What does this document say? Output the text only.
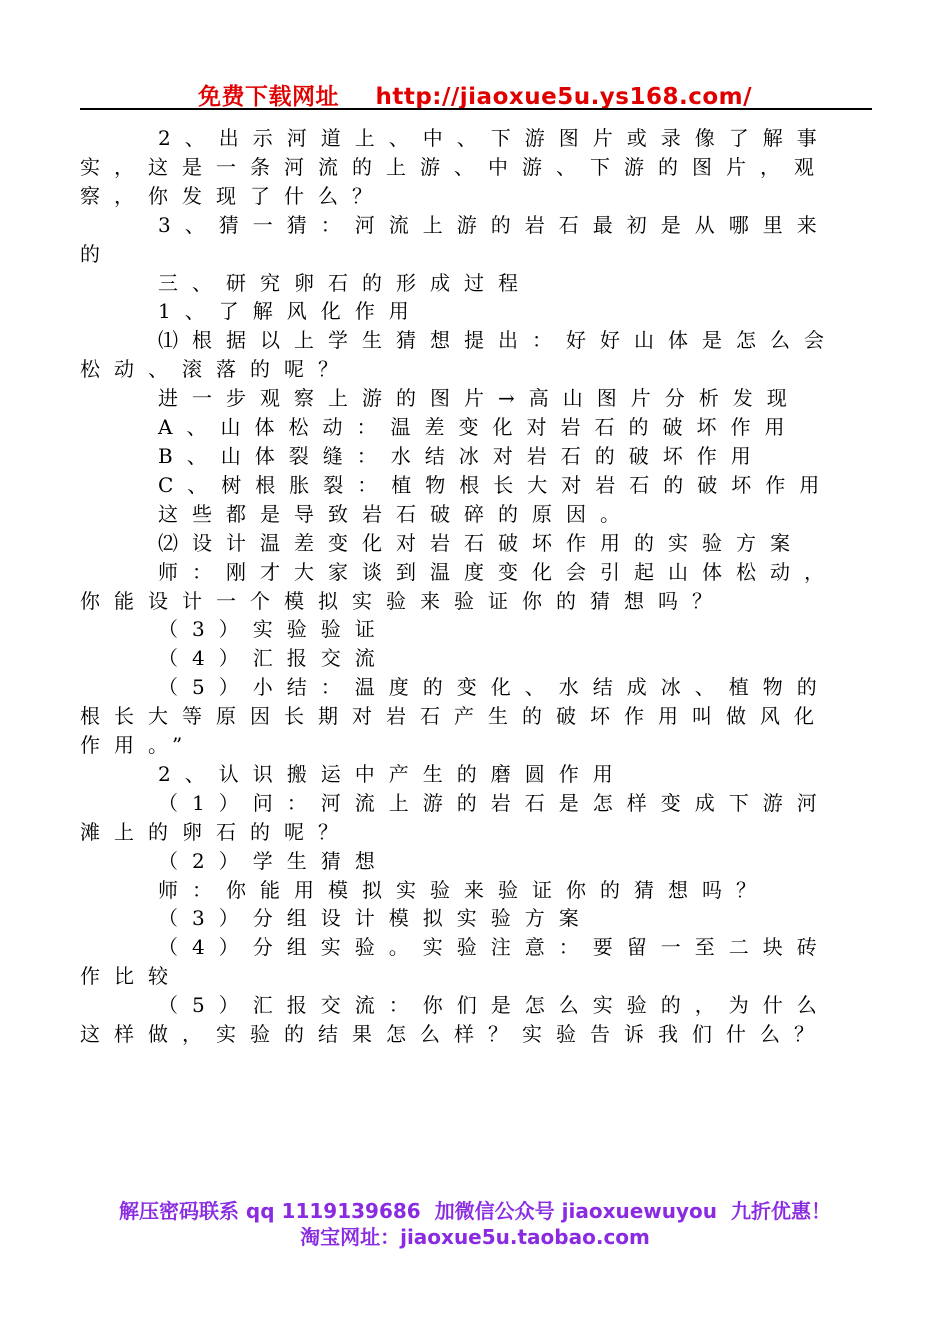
免费下载网址 http://jiaoxue5u.ys168.com/

2、出示河道上、中、下游图片或录像了解事实，这是一条河流的上游、中游、下游的图片，观察，你发现了什么？

3、猜一猜：河流上游的岩石最初是从哪里来的

三、研究卵石的形成过程

1、了解风化作用

⑴根据以上学生猜想提出：好好山体是怎么会松动、滚落的呢？

进一步观察上游的图片→高山图片分析发现

A、山体松动：温差变化对岩石的破坏作用

B、山体裂缝：水结冰对岩石的破坏作用

C、树根胀裂：植物根长大对岩石的破坏作用

这些都是导致岩石破碎的原因。

⑵设计温差变化对岩石破坏作用的实验方案

师：刚才大家谈到温度变化会引起山体松动，你能设计一个模拟实验来验证你的猜想吗？

（3）实验验证

（4）汇报交流

（5）小结：温度的变化、水结成冰、植物的根长大等原因长期对岩石产生的破坏作用叫做风化作用。”

2、认识搬运中产生的磨圆作用

（1）问：河流上游的岩石是怎样变成下游河滩上的卵石的呢？

（2）学生猜想

师：你能用模拟实验来验证你的猜想吗？

（3）分组设计模拟实验方案

（4）分组实验。实验注意：要留一至二块砖作比较

（5）汇报交流：你们是怎么实验的，为什么这样做，实验的结果怎么样？实验告诉我们什么？

解压密码联系 qq 1119139686 加微信公众号 jiaoxuewuyou 九折优惠！
淘宝网址：jiaoxue5u.taobao.com
